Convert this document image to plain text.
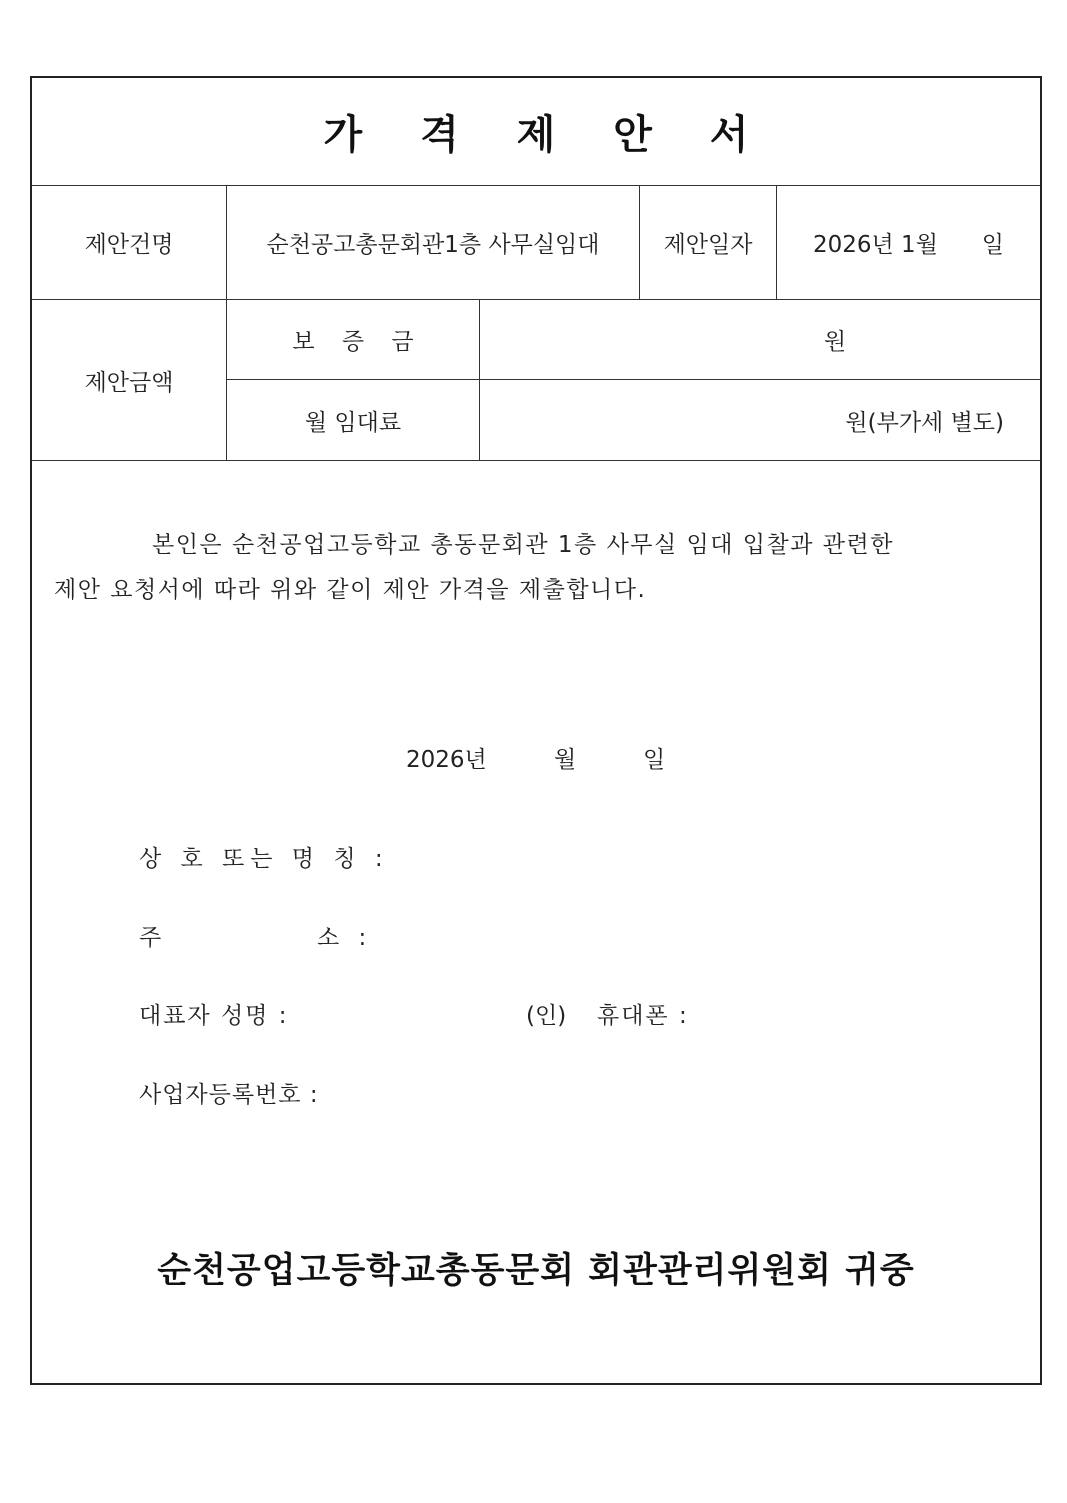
가 격 제 안 서
제안건명	순천공고총문회관1층 사무실임대	제안일자	2026년 1월      일
제안금액
보 증 금	원
월 임대료	원(부가세 별도)
본인은 순천공업고등학교 총동문회관 1층 사무실 임대 입찰과 관련한
제안 요청서에 따라 위와 같이 제안 가격을 제출합니다.
2026년	월	일
상 호 또는 명 칭 :
주	소 :
대표자 성명 :	(인) 휴대폰 :
사업자등록번호 :
순천공업고등학교총동문회 회관관리위원회 귀중
